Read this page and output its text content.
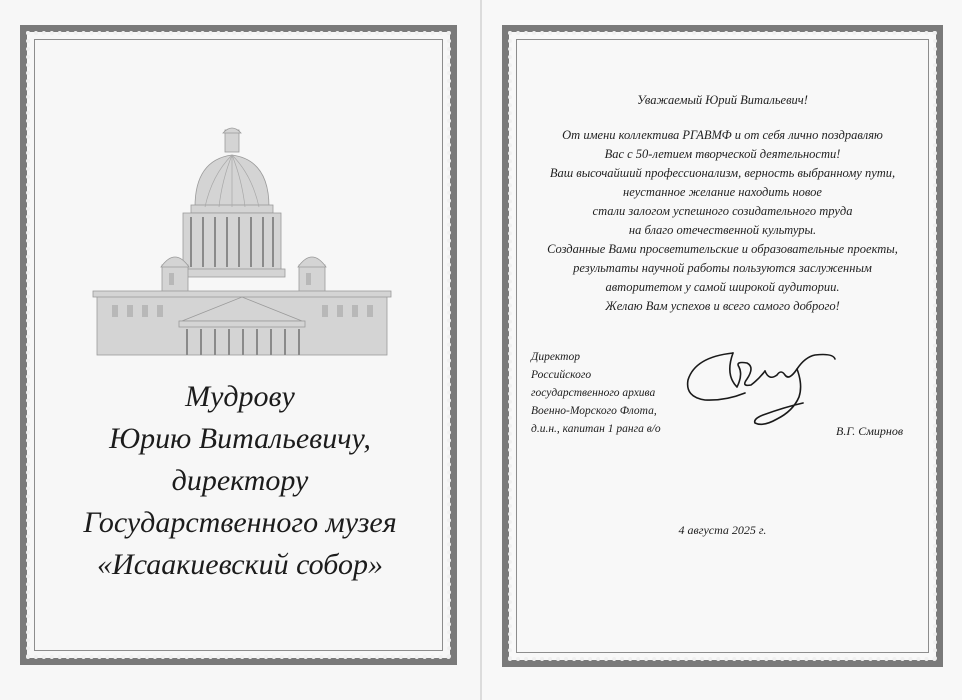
Мудрову
Юрию Витальевичу,
директору
Государственного музея
«Исаакиевский собор»
Уважаемый Юрий Витальевич!
От имени коллектива РГАВМФ и от себя лично поздравляю
Вас с 50-летием творческой деятельности!
Ваш высочайший профессионализм, верность выбранному пути,
неустанное желание находить новое
стали залогом успешного созидательного труда
на благо отечественной культуры.
Созданные Вами просветительские и образовательные проекты,
результаты научной работы пользуются заслуженным
авторитетом у самой широкой аудитории.
Желаю Вам успехов и всего самого доброго!
Директор
Российского
государственного архива
Военно-Морского Флота,
д.и.н., капитан 1 ранга в/о	В.Г. Смирнов
4 августа 2025 г.
